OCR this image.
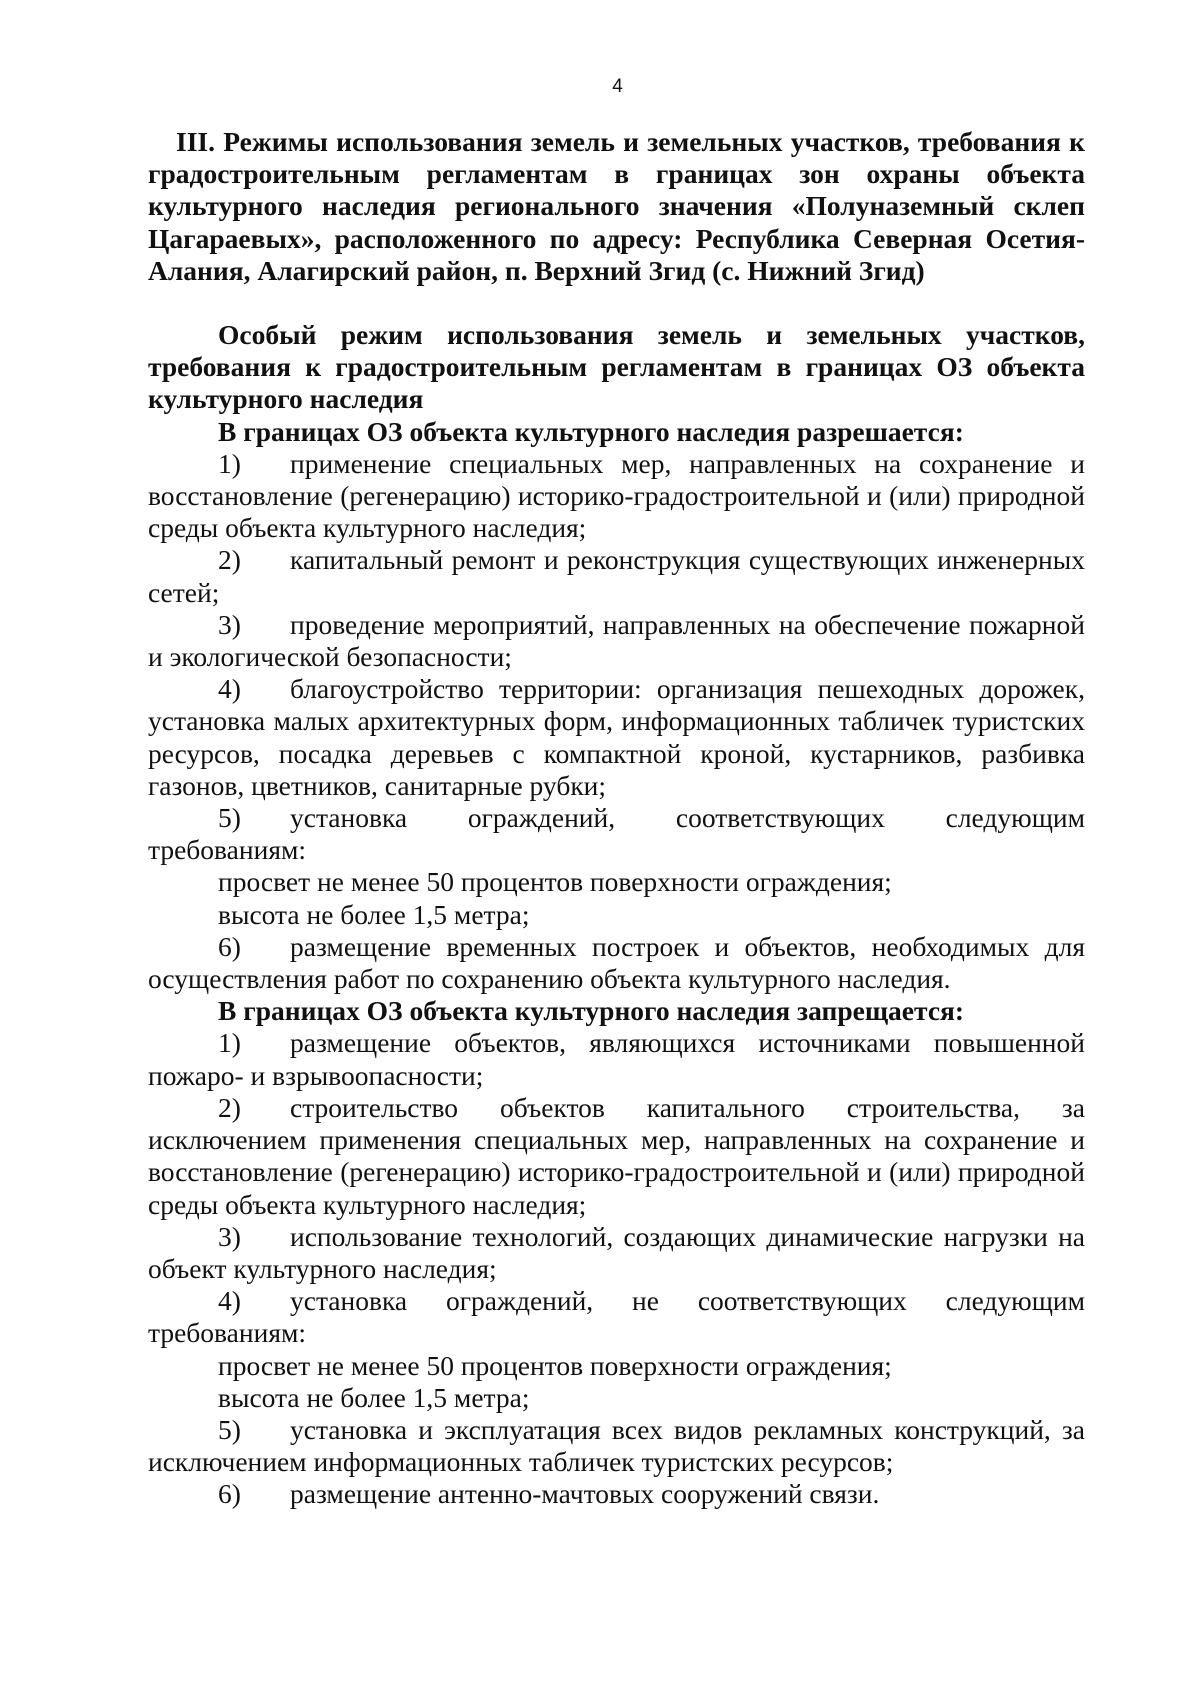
4

III. Режимы использования земель и земельных участков, требования к градостроительным регламентам в границах зон охраны объекта культурного наследия регионального значения «Полуназемный склеп Цагараевых», расположенного по адресу: Республика Северная Осетия-Алания, Алагирский район, п. Верхний Згид (с. Нижний Згид)

Особый режим использования земель и земельных участков, требования к градостроительным регламентам в границах ОЗ объекта культурного наследия

В границах ОЗ объекта культурного наследия разрешается:

1) применение специальных мер, направленных на сохранение и восстановление (регенерацию) историко-градостроительной и (или) природной среды объекта культурного наследия;

2) капитальный ремонт и реконструкция существующих инженерных сетей;

3) проведение мероприятий, направленных на обеспечение пожарной и экологической безопасности;

4) благоустройство территории: организация пешеходных дорожек, установка малых архитектурных форм, информационных табличек туристских ресурсов, посадка деревьев с компактной кроной, кустарников, разбивка газонов, цветников, санитарные рубки;

5) установка ограждений, соответствующих следующим требованиям:

просвет не менее 50 процентов поверхности ограждения;

высота не более 1,5 метра;

6) размещение временных построек и объектов, необходимых для осуществления работ по сохранению объекта культурного наследия.

В границах ОЗ объекта культурного наследия запрещается:

1) размещение объектов, являющихся источниками повышенной пожаро- и взрывоопасности;

2) строительство объектов капитального строительства, за исключением применения специальных мер, направленных на сохранение и восстановление (регенерацию) историко-градостроительной и (или) природной среды объекта культурного наследия;

3) использование технологий, создающих динамические нагрузки на объект культурного наследия;

4) установка ограждений, не соответствующих следующим требованиям:

просвет не менее 50 процентов поверхности ограждения;

высота не более 1,5 метра;

5) установка и эксплуатация всех видов рекламных конструкций, за исключением информационных табличек туристских ресурсов;

6) размещение антенно-мачтовых сооружений связи.
